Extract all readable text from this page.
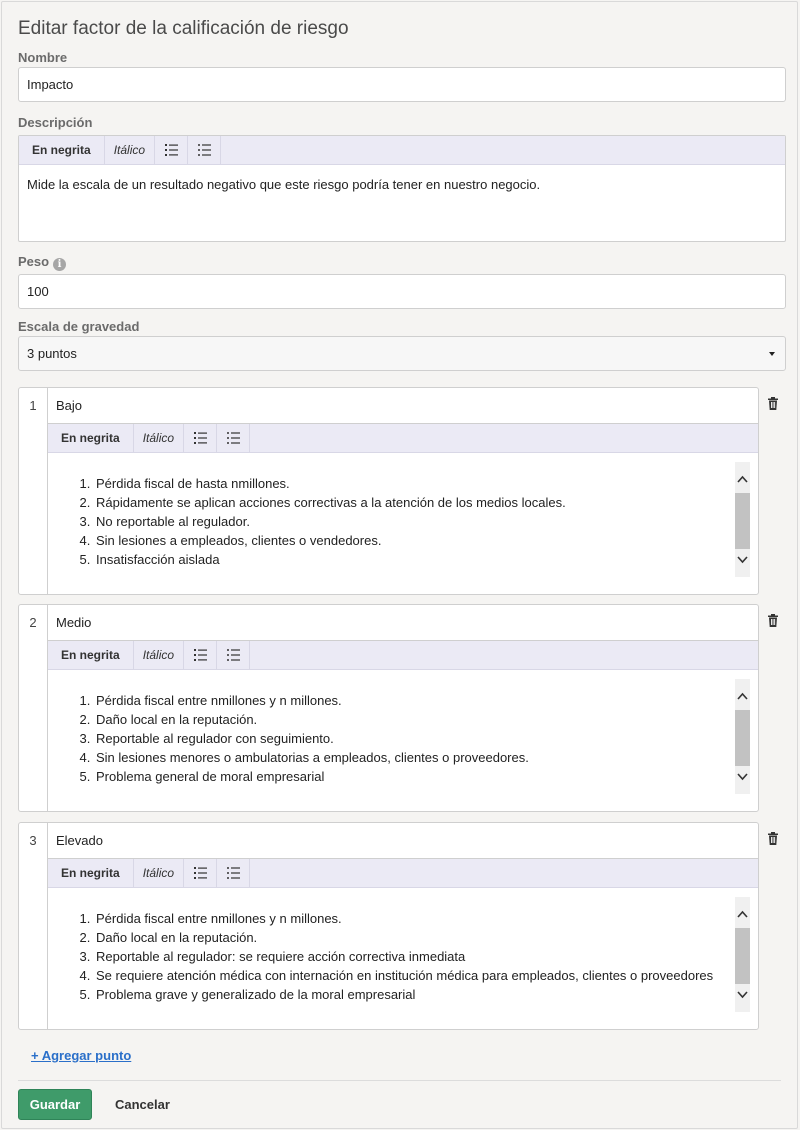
Editar factor de la calificación de riesgo
Nombre
Impacto
Descripción
En negrita	Itálico
Mide la escala de un resultado negativo que este riesgo podría tener en nuestro negocio.
Peso i
100
Escala de gravedad
3 puntos
1	Bajo
En negrita	Itálico
1. Pérdida fiscal de hasta nmillones.
2. Rápidamente se aplican acciones correctivas a la atención de los medios locales.
3. No reportable al regulador.
4. Sin lesiones a empleados, clientes o vendedores.
5. Insatisfacción aislada
2	Medio
En negrita	Itálico
1. Pérdida fiscal entre nmillones y n millones.
2. Daño local en la reputación.
3. Reportable al regulador con seguimiento.
4. Sin lesiones menores o ambulatorias a empleados, clientes o proveedores.
5. Problema general de moral empresarial
3	Elevado
En negrita	Itálico
1. Pérdida fiscal entre nmillones y n millones.
2. Daño local en la reputación.
3. Reportable al regulador: se requiere acción correctiva inmediata
4. Se requiere atención médica con internación en institución médica para empleados, clientes o proveedores
5. Problema grave y generalizado de la moral empresarial
+ Agregar punto
Guardar	Cancelar
